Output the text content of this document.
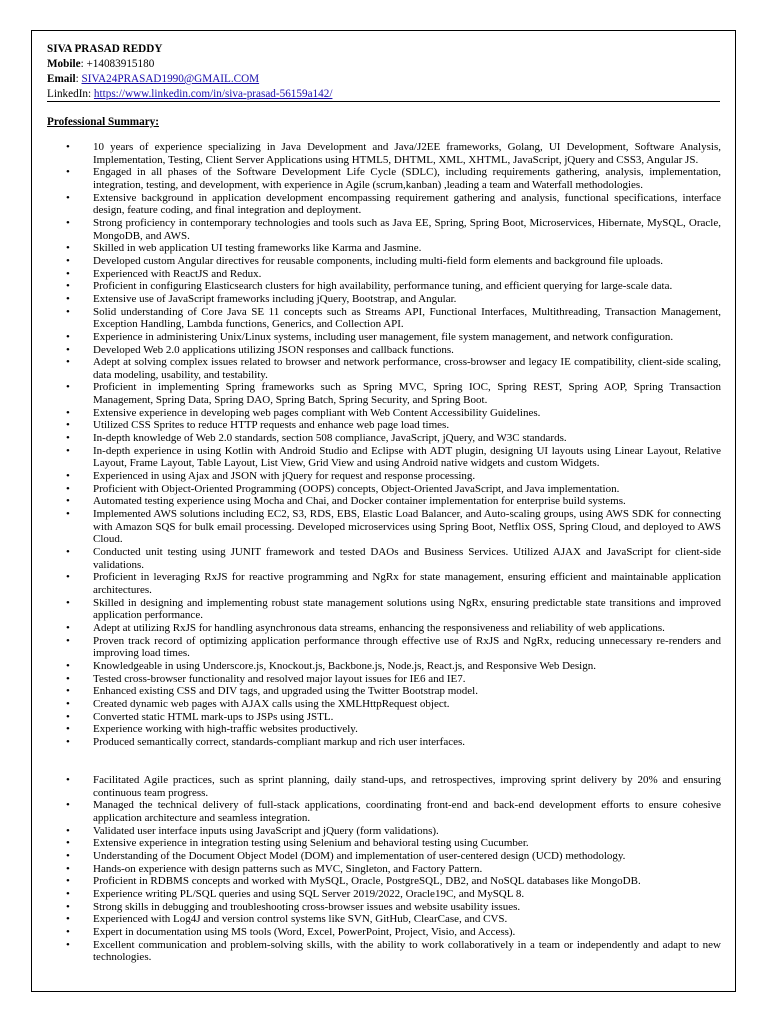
SIVA PRASAD REDDY
Mobile: +14083915180
Email: SIVA24PRASAD1990@GMAIL.COM
LinkedIn: https://www.linkedin.com/in/siva-prasad-56159a142/
Professional Summary:
• 10 years of experience specializing in Java Development and Java/J2EE frameworks, Golang, UI Development, Software Analysis, Implementation, Testing, Client Server Applications using HTML5, DHTML, XML, XHTML, JavaScript, jQuery and CSS3, Angular JS.
• Engaged in all phases of the Software Development Life Cycle (SDLC), including requirements gathering, analysis, implementation, integration, testing, and development, with experience in Agile (scrum,kanban) ,leading a team and Waterfall methodologies.
• Extensive background in application development encompassing requirement gathering and analysis, functional specifications, interface design, feature coding, and final integration and deployment.
• Strong proficiency in contemporary technologies and tools such as Java EE, Spring, Spring Boot, Microservices, Hibernate, MySQL, Oracle, MongoDB, and AWS.
• Skilled in web application UI testing frameworks like Karma and Jasmine.
• Developed custom Angular directives for reusable components, including multi-field form elements and background file uploads.
• Experienced with ReactJS and Redux.
• Proficient in configuring Elasticsearch clusters for high availability, performance tuning, and efficient querying for large-scale data.
• Extensive use of JavaScript frameworks including jQuery, Bootstrap, and Angular.
• Solid understanding of Core Java SE 11 concepts such as Streams API, Functional Interfaces, Multithreading, Transaction Management, Exception Handling, Lambda functions, Generics, and Collection API.
• Experience in administering Unix/Linux systems, including user management, file system management, and network configuration.
• Developed Web 2.0 applications utilizing JSON responses and callback functions.
• Adept at solving complex issues related to browser and network performance, cross-browser and legacy IE compatibility, client-side scaling, data modeling, usability, and testability.
• Proficient in implementing Spring frameworks such as Spring MVC, Spring IOC, Spring REST, Spring AOP, Spring Transaction Management, Spring Data, Spring DAO, Spring Batch, Spring Security, and Spring Boot.
• Extensive experience in developing web pages compliant with Web Content Accessibility Guidelines.
• Utilized CSS Sprites to reduce HTTP requests and enhance web page load times.
• In-depth knowledge of Web 2.0 standards, section 508 compliance, JavaScript, jQuery, and W3C standards.
• In-depth experience in using Kotlin with Android Studio and Eclipse with ADT plugin, designing UI layouts using Linear Layout, Relative Layout, Frame Layout, Table Layout, List View, Grid View and using Android native widgets and custom Widgets.
• Experienced in using Ajax and JSON with jQuery for request and response processing.
• Proficient with Object-Oriented Programming (OOPS) concepts, Object-Oriented JavaScript, and Java implementation.
• Automated testing experience using Mocha and Chai, and Docker container implementation for enterprise build systems.
• Implemented AWS solutions including EC2, S3, RDS, EBS, Elastic Load Balancer, and Auto-scaling groups, using AWS SDK for connecting with Amazon SQS for bulk email processing. Developed microservices using Spring Boot, Netflix OSS, Spring Cloud, and deployed to AWS Cloud.
• Conducted unit testing using JUNIT framework and tested DAOs and Business Services. Utilized AJAX and JavaScript for client-side validations.
• Proficient in leveraging RxJS for reactive programming and NgRx for state management, ensuring efficient and maintainable application architectures.
• Skilled in designing and implementing robust state management solutions using NgRx, ensuring predictable state transitions and improved application performance.
• Adept at utilizing RxJS for handling asynchronous data streams, enhancing the responsiveness and reliability of web applications.
• Proven track record of optimizing application performance through effective use of RxJS and NgRx, reducing unnecessary re-renders and improving load times.
• Knowledgeable in using Underscore.js, Knockout.js, Backbone.js, Node.js, React.js, and Responsive Web Design.
• Tested cross-browser functionality and resolved major layout issues for IE6 and IE7.
• Enhanced existing CSS and DIV tags, and upgraded using the Twitter Bootstrap model.
• Created dynamic web pages with AJAX calls using the XMLHttpRequest object.
• Converted static HTML mark-ups to JSPs using JSTL.
• Experience working with high-traffic websites productively.
• Produced semantically correct, standards-compliant markup and rich user interfaces.
• Facilitated Agile practices, such as sprint planning, daily stand-ups, and retrospectives, improving sprint delivery by 20% and ensuring continuous team progress.
• Managed the technical delivery of full-stack applications, coordinating front-end and back-end development efforts to ensure cohesive application architecture and seamless integration.
• Validated user interface inputs using JavaScript and jQuery (form validations).
• Extensive experience in integration testing using Selenium and behavioral testing using Cucumber.
• Understanding of the Document Object Model (DOM) and implementation of user-centered design (UCD) methodology.
• Hands-on experience with design patterns such as MVC, Singleton, and Factory Pattern.
• Proficient in RDBMS concepts and worked with MySQL, Oracle, PostgreSQL, DB2, and NoSQL databases like MongoDB.
• Experience writing PL/SQL queries and using SQL Server 2019/2022, Oracle19C, and MySQL 8.
• Strong skills in debugging and troubleshooting cross-browser issues and website usability issues.
• Experienced with Log4J and version control systems like SVN, GitHub, ClearCase, and CVS.
• Expert in documentation using MS tools (Word, Excel, PowerPoint, Project, Visio, and Access).
• Excellent communication and problem-solving skills, with the ability to work collaboratively in a team or independently and adapt to new technologies.
